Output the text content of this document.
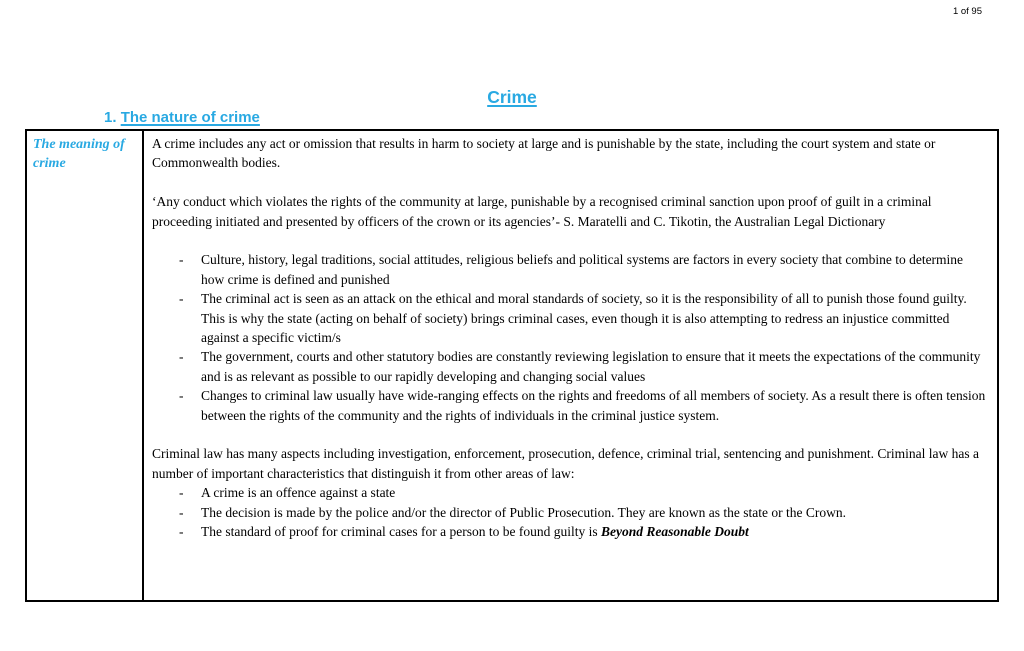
1 of 95
Crime
1. The nature of crime
The meaning of crime

A crime includes any act or omission that results in harm to society at large and is punishable by the state, including the court system and state or Commonwealth bodies.

‘Any conduct which violates the rights of the community at large, punishable by a recognised criminal sanction upon proof of guilt in a criminal proceeding initiated and presented by officers of the crown or its agencies’- S. Maratelli and C. Tikotin, the Australian Legal Dictionary

-	Culture, history, legal traditions, social attitudes, religious beliefs and political systems are factors in every society that combine to determine how crime is defined and punished
-	The criminal act is seen as an attack on the ethical and moral standards of society, so it is the responsibility of all to punish those found guilty. This is why the state (acting on behalf of society) brings criminal cases, even though it is also attempting to redress an injustice committed against a specific victim/s
-	The government, courts and other statutory bodies are constantly reviewing legislation to ensure that it meets the expectations of the community and is as relevant as possible to our rapidly developing and changing social values
-	Changes to criminal law usually have wide-ranging effects on the rights and freedoms of all members of society. As a result there is often tension between the rights of the community and the rights of individuals in the criminal justice system.

Criminal law has many aspects including investigation, enforcement, prosecution, defence, criminal trial, sentencing and punishment. Criminal law has a number of important characteristics that distinguish it from other areas of law:

-	A crime is an offence against a state
-	The decision is made by the police and/or the director of Public Prosecution. They are known as the state or the Crown.
-	The standard of proof for criminal cases for a person to be found guilty is Beyond Reasonable Doubt
